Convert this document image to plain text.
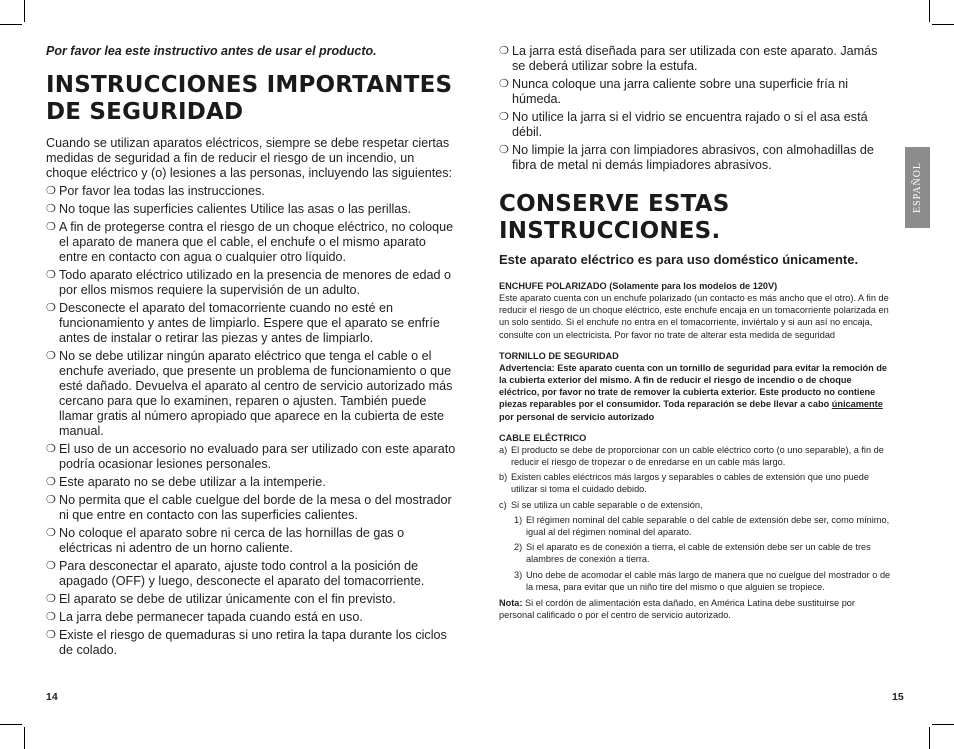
Por favor lea este instructivo antes de usar el producto.

INSTRUCCIONES IMPORTANTES
DE SEGURIDAD

Cuando se utilizan aparatos eléctricos, siempre se debe respetar ciertas medidas de seguridad a fin de reducir el riesgo de un incendio, un choque eléctrico y (o) lesiones a las personas, incluyendo las siguientes:

❍ Por favor lea todas las instrucciones.
❍ No toque las superficies calientes Utilice las asas o las perillas.
❍ A fin de protegerse contra el riesgo de un choque eléctrico, no coloque el aparato de manera que el cable, el enchufe o el mismo aparato entre en contacto con agua o cualquier otro líquido.
❍ Todo aparato eléctrico utilizado en la presencia de menores de edad o por ellos mismos requiere la supervisión de un adulto.
❍ Desconecte el aparato del tomacorriente cuando no esté en funcionamiento y antes de limpiarlo. Espere que el aparato se enfríe antes de instalar o retirar las piezas y antes de limpiarlo.
❍ No se debe utilizar ningún aparato eléctrico que tenga el cable o el enchufe averiado, que presente un problema de funcionamiento o que esté dañado. Devuelva el aparato al centro de servicio autorizado más cercano para que lo examinen, reparen o ajusten. También puede llamar gratis al número apropiado que aparece en la cubierta de este manual.
❍ El uso de un accesorio no evaluado para ser utilizado con este aparato podría ocasionar lesiones personales.
❍ Este aparato no se debe utilizar a la intemperie.
❍ No permita que el cable cuelgue del borde de la mesa o del mostrador ni que entre en contacto con las superficies calientes.
❍ No coloque el aparato sobre ni cerca de las hornillas de gas o eléctricas ni adentro de un horno caliente.
❍ Para desconectar el aparato, ajuste todo control a la posición de apagado (OFF) y luego, desconecte el aparato del tomacorriente.
❍ El aparato se debe de utilizar únicamente con el fin previsto.
❍ La jarra debe permanecer tapada cuando está en uso.
❍ Existe el riesgo de quemaduras si uno retira la tapa durante los ciclos de colado.
14
❍ La jarra está diseñada para ser utilizada con este aparato. Jamás se deberá utilizar sobre la estufa.
❍ Nunca coloque una jarra caliente sobre una superficie fría ni húmeda.
❍ No utilice la jarra si el vidrio se encuentra rajado o si el asa está débil.
❍ No limpie la jarra con limpiadores abrasivos, con almohadillas de fibra de metal ni demás limpiadores abrasivos.
CONSERVE ESTAS
INSTRUCCIONES.
Este aparato eléctrico es para uso doméstico únicamente.
ENCHUFE POLARIZADO (Solamente para los modelos de 120V)
Este aparato cuenta con un enchufe polarizado (un contacto es más ancho que el otro). A fin de reducir el riesgo de un choque eléctrico, este enchufe encaja en un tomacorriente polarizada en un solo sentido. Si el enchufe no entra en el tomacorriente, inviértalo y si aun así no encaja, consulte con un electricista. Por favor no trate de alterar esta medida de seguridad
TORNILLO DE SEGURIDAD
Advertencia: Este aparato cuenta con un tornillo de seguridad para evitar la remoción de la cubierta exterior del mismo. A fin de reducir el riesgo de incendio o de choque eléctrico, por favor no trate de remover la cubierta exterior. Este producto no contiene piezas reparables por el consumidor. Toda reparación se debe llevar a cabo únicamente por personal de servicio autorizado
CABLE ELÉCTRICO
a) El producto se debe de proporcionar con un cable eléctrico corto (o uno separable), a fin de reducir el riesgo de tropezar o de enredarse en un cable más largo.
b) Existen cables eléctricos más largos y separables o cables de extensión que uno puede utilizar si toma el cuidado debido.
c) Si se utiliza un cable separable o de extensión,
1) El régimen nominal del cable separable o del cable de extensión debe ser, como mínimo, igual al del régimen nominal del aparato.
2) Si el aparato es de conexión a tierra, el cable de extensión debe ser un cable de tres alambres de conexión a tierra.
3) Uno debe de acomodar el cable más largo de manera que no cuelgue del mostrador o de la mesa, para evitar que un niño tire del mismo o que alguien se tropiece.
Nota: Si el cordón de alimentación esta dañado, en América Latina debe sustituirse por personal calificado o por el centro de servicio autorizado.
15
ESPAÑOL
